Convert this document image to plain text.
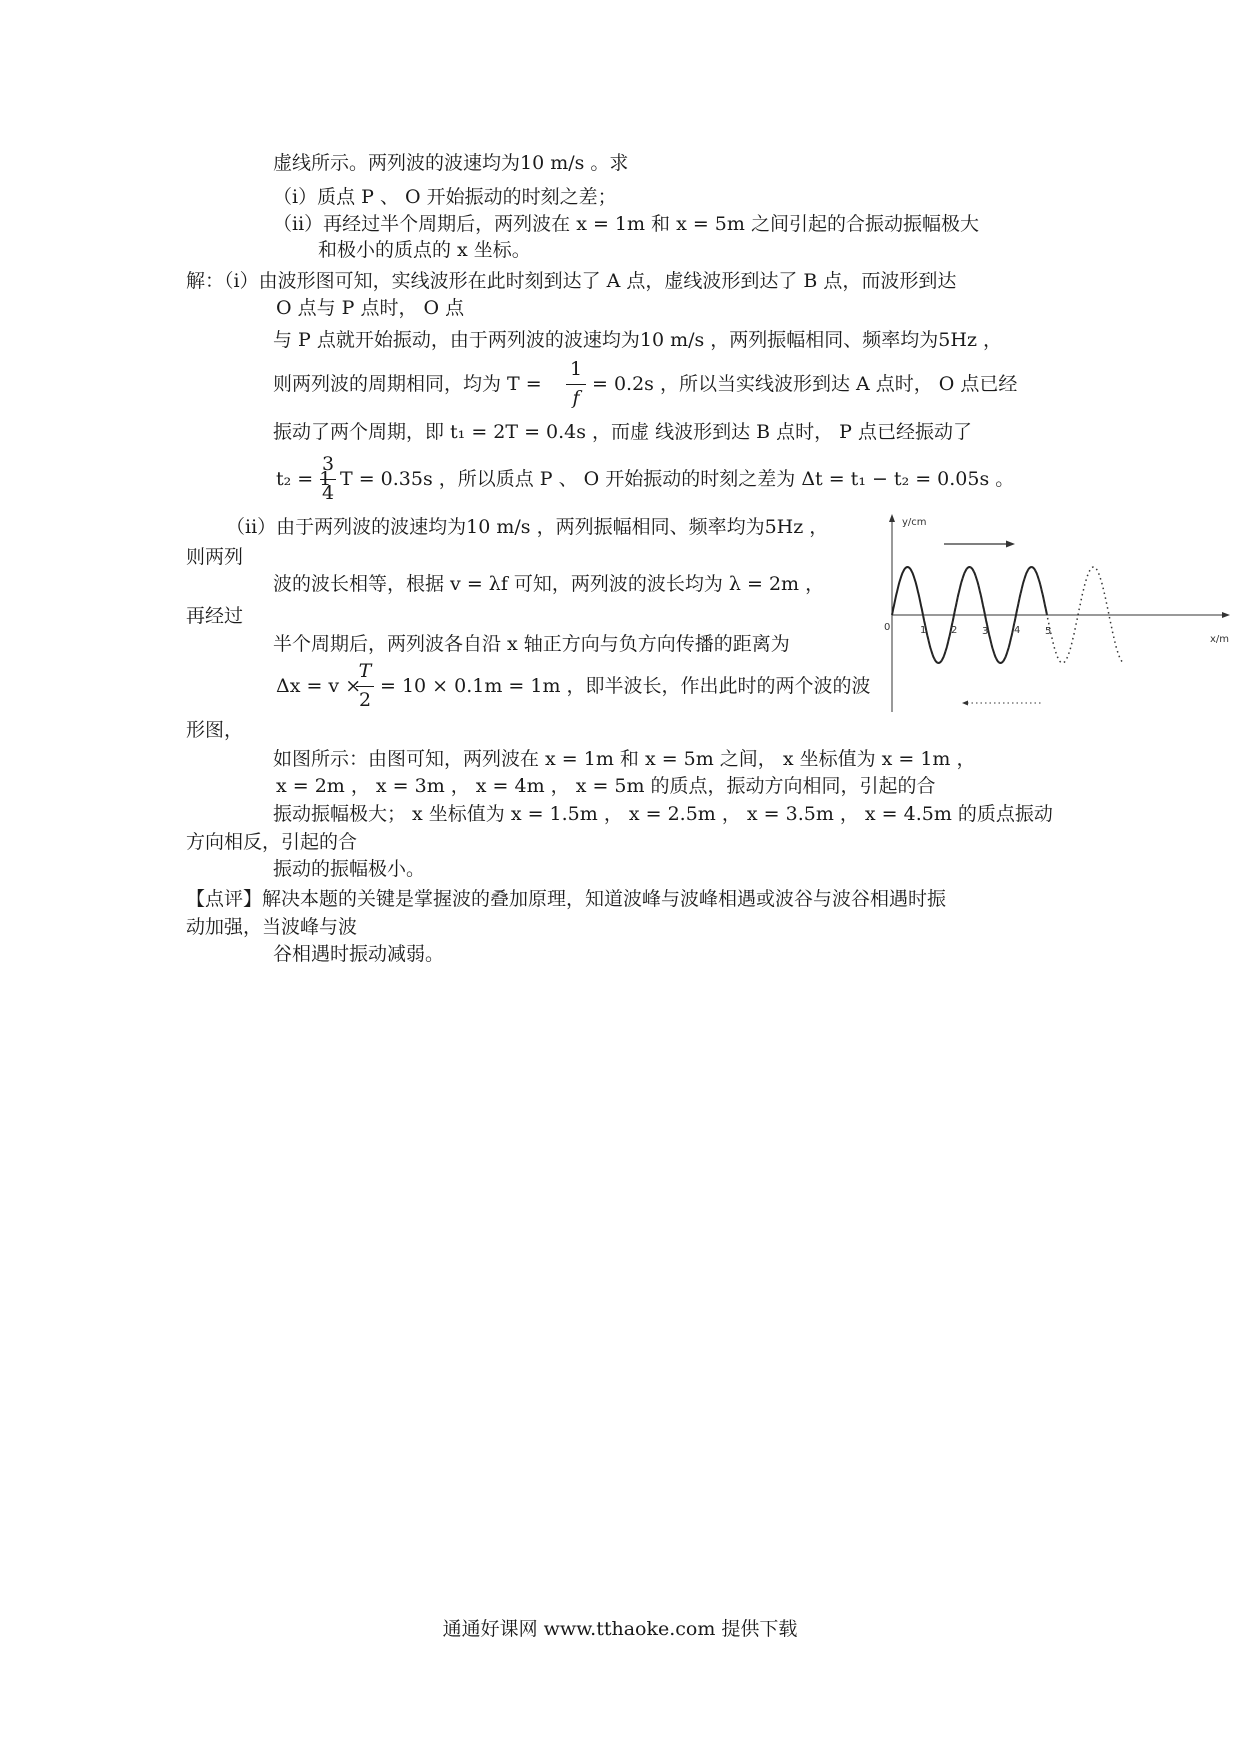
虚线所示。两列波的波速均为10 m/s 。求
（i）质点 P 、 O 开始振动的时刻之差；
（ii）再经过半个周期后，两列波在 x = 1m 和 x = 5m 之间引起的合振动振幅极大
和极小的质点的 x 坐标。
解：（i）由波形图可知，实线波形在此时刻到达了 A 点，虚线波形到达了 B 点，而波形到达
O 点与 P 点时， O 点
与 P 点就开始振动，由于两列波的波速均为10 m/s ，两列振幅相同、频率均为5Hz ，
则两列波的周期相同，均为 T =
1
f
= 0.2s ，所以当实线波形到达 A 点时， O 点已经
振动了两个周期，即 t₁ = 2T = 0.4s ，而虚 线波形到达 B 点时， P 点已经振动了
t₂ = 1
3
4
T = 0.35s ，所以质点 P 、 O 开始振动的时刻之差为 Δt = t₁ − t₂ = 0.05s 。
（ii）由于两列波的波速均为10 m/s ，两列振幅相同、频率均为5Hz ，
则两列
波的波长相等，根据 v = λf 可知，两列波的波长均为 λ = 2m ，
再经过
半个周期后，两列波各自沿 x 轴正方向与负方向传播的距离为
Δx = v ×
T
2
= 10 × 0.1m = 1m ，即半波长，作出此时的两个波的波
形图，
如图所示：由图可知，两列波在 x = 1m 和 x = 5m 之间， x 坐标值为 x = 1m ，
x = 2m ， x = 3m ， x = 4m ， x = 5m 的质点，振动方向相同，引起的合
振动振幅极大； x 坐标值为 x = 1.5m ， x = 2.5m ， x = 3.5m ， x = 4.5m 的质点振动
方向相反，引起的合
振动的振幅极小。
【点评】解决本题的关键是掌握波的叠加原理，知道波峰与波峰相遇或波谷与波谷相遇时振
动加强，当波峰与波
谷相遇时振动减弱。
y/cm
x/m
0	1 2 3	4 5
通通好课网 www.tthaoke.com 提供下载
